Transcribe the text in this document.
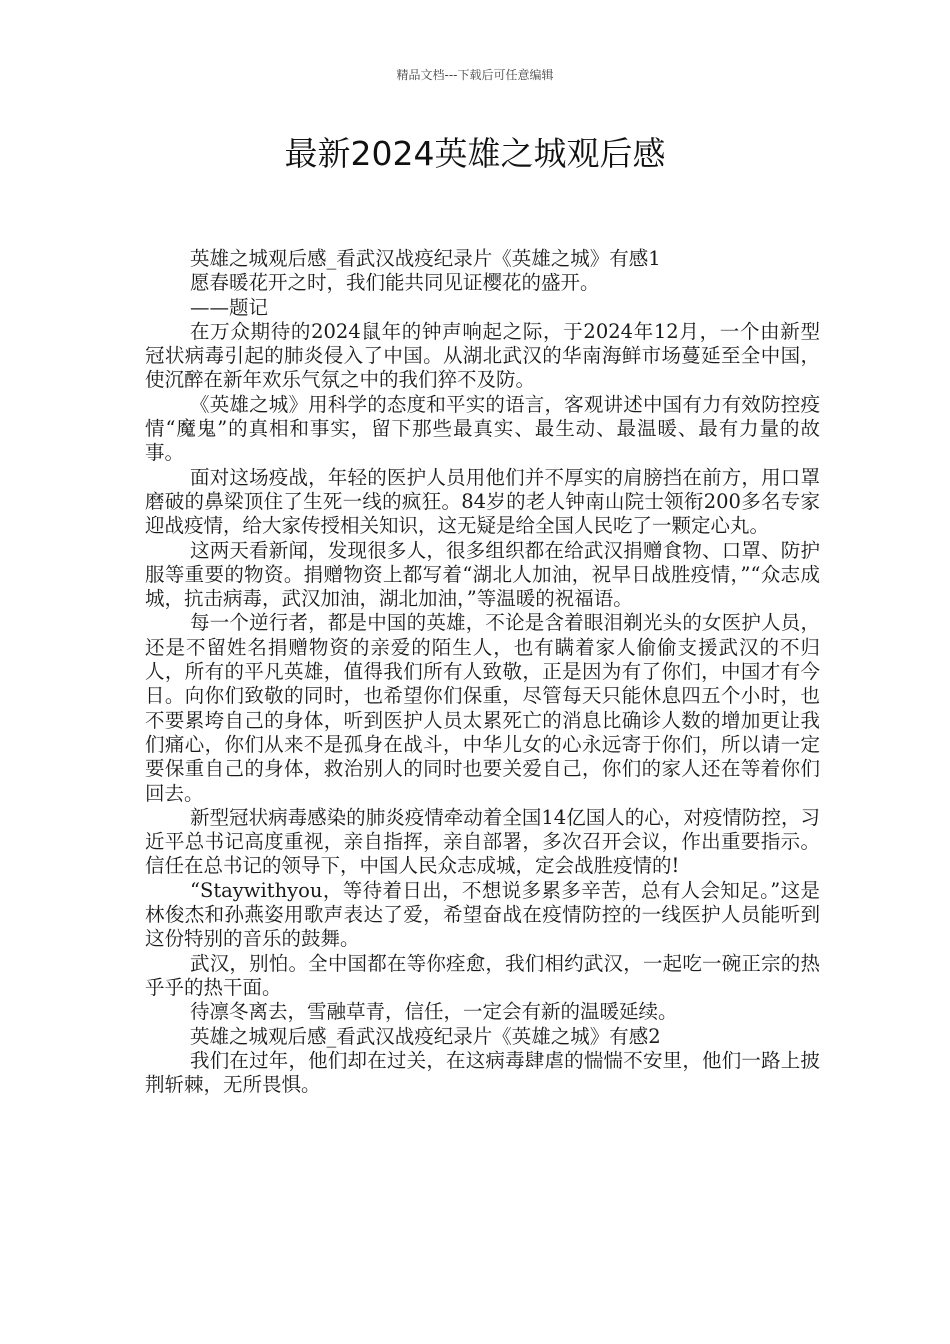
精品文档---下载后可任意编辑
最新2024英雄之城观后感

英雄之城观后感_看武汉战疫纪录片《英雄之城》有感1

愿春暖花开之时，我们能共同见证樱花的盛开。

——题记

在万众期待的2024鼠年的钟声响起之际，于2024年12月，一个由新型冠状病毒引起的肺炎侵入了中国。从湖北武汉的华南海鲜市场蔓延至全中国，使沉醉在新年欢乐气氛之中的我们猝不及防。

《英雄之城》用科学的态度和平实的语言，客观讲述中国有力有效防控疫情“魔鬼”的真相和事实，留下那些最真实、最生动、最温暖、最有力量的故事。

面对这场疫战，年轻的医护人员用他们并不厚实的肩膀挡在前方，用口罩磨破的鼻梁顶住了生死一线的疯狂。84岁的老人钟南山院士领衔200多名专家迎战疫情，给大家传授相关知识，这无疑是给全国人民吃了一颗定心丸。

这两天看新闻，发现很多人，很多组织都在给武汉捐赠食物、口罩、防护服等重要的物资。捐赠物资上都写着“湖北人加油，祝早日战胜疫情，”“众志成城，抗击病毒，武汉加油，湖北加油，”等温暖的祝福语。

每一个逆行者，都是中国的英雄，不论是含着眼泪剃光头的女医护人员，还是不留姓名捐赠物资的亲爱的陌生人，也有瞒着家人偷偷支援武汉的不归人，所有的平凡英雄，值得我们所有人致敬，正是因为有了你们，中国才有今日。向你们致敬的同时，也希望你们保重，尽管每天只能休息四五个小时，也不要累垮自己的身体，听到医护人员太累死亡的消息比确诊人数的增加更让我们痛心，你们从来不是孤身在战斗，中华儿女的心永远寄于你们，所以请一定要保重自己的身体，救治别人的同时也要关爱自己，你们的家人还在等着你们回去。

新型冠状病毒感染的肺炎疫情牵动着全国14亿国人的心，对疫情防控，习近平总书记高度重视，亲自指挥，亲自部署，多次召开会议，作出重要指示。信任在总书记的领导下，中国人民众志成城，定会战胜疫情的!

“Staywithyou，等待着日出，不想说多累多辛苦，总有人会知足。”这是林俊杰和孙燕姿用歌声表达了爱，希望奋战在疫情防控的一线医护人员能听到这份特别的音乐的鼓舞。

武汉，别怕。全中国都在等你痊愈，我们相约武汉，一起吃一碗正宗的热乎乎的热干面。

待凛冬离去，雪融草青，信任，一定会有新的温暖延续。

英雄之城观后感_看武汉战疫纪录片《英雄之城》有感2

我们在过年，他们却在过关，在这病毒肆虐的惴惴不安里，他们一路上披荆斩棘，无所畏惧。
